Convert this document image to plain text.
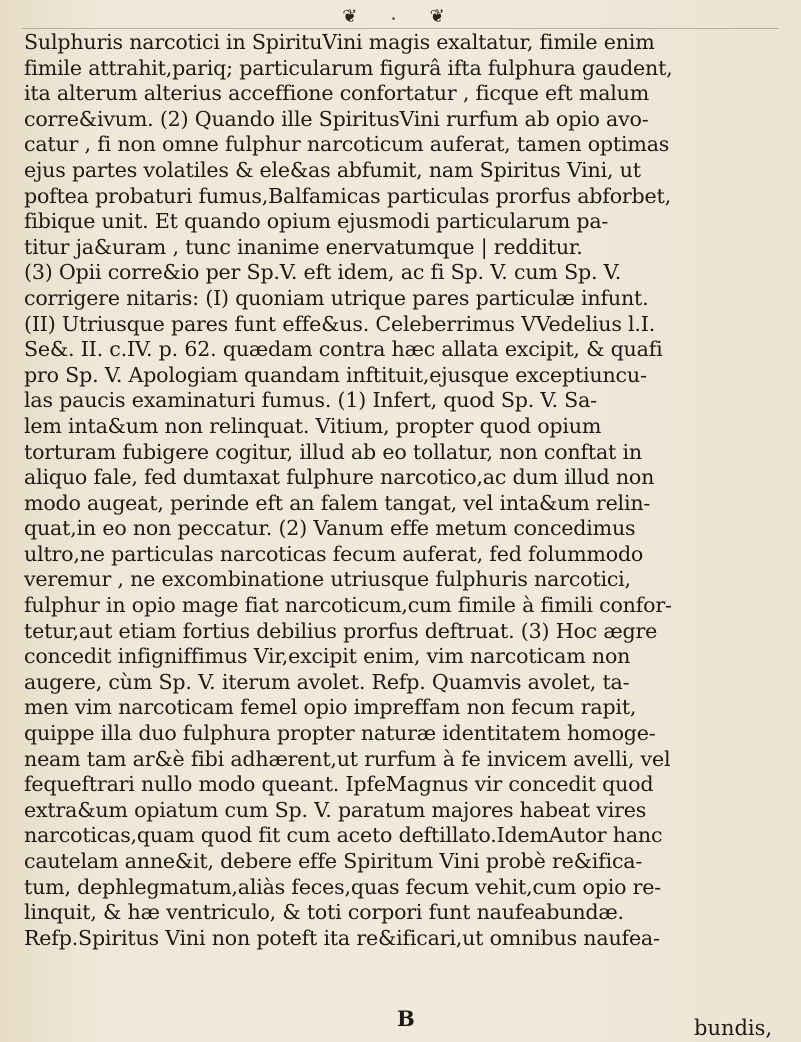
❦ ⸳ ❦
Sulphuris narcotici in SpirituVini magis exaltatur, fimile enim
fimile attrahit,pariq; particularum figurâ ifta fulphura gaudent,
ita alterum alterius acceffione confortatur , ficque eft malum
corre&ivum. (2) Quando ille SpiritusVini rurfum ab opio avo-
catur , fi non omne fulphur narcoticum auferat, tamen optimas
ejus partes volatiles & ele&as abfumit, nam Spiritus Vini, ut
poftea probaturi fumus,Balfamicas particulas prorfus abforbet,
fibique unit. Et quando opium ejusmodi particularum pa-
titur ja&uram , tunc inanime enervatumque | redditur.
(3) Opii corre&io per Sp.V. eft idem, ac fi Sp. V. cum Sp. V.
corrigere nitaris: (I) quoniam utrique pares particulæ infunt.
(II) Utriusque pares funt effe&us. Celeberrimus VVedelius l.I.
Se&. II. c.IV. p. 62. quædam contra hæc allata excipit, & quafi
pro Sp. V. Apologiam quandam inftituit,ejusque exceptiuncu-
las paucis examinaturi fumus. (1) Infert, quod Sp. V. Sa-
lem inta&um non relinquat. Vitium, propter quod opium
torturam fubigere cogitur, illud ab eo tollatur, non conftat in
aliquo fale, fed dumtaxat fulphure narcotico,ac dum illud non
modo augeat, perinde eft an falem tangat, vel inta&um relin-
quat,in eo non peccatur. (2) Vanum effe metum concedimus
ultro,ne particulas narcoticas fecum auferat, fed folummodo
veremur , ne excombinatione utriusque fulphuris narcotici,
fulphur in opio mage fiat narcoticum,cum fimile à fimili confor-
tetur,aut etiam fortius debilius prorfus deftruat. (3) Hoc ægre
concedit infigniffimus Vir,excipit enim, vim narcoticam non
augere, cùm Sp. V. iterum avolet. Refp. Quamvis avolet, ta-
men vim narcoticam femel opio impreffam non fecum rapit,
quippe illa duo fulphura propter naturæ identitatem homoge-
neam tam ar&è fibi adhærent,ut rurfum à fe invicem avelli, vel
fequeftrari nullo modo queant. IpfeMagnus vir concedit quod
extra&um opiatum cum Sp. V. paratum majores habeat vires
narcoticas,quam quod fit cum aceto deftillato.IdemAutor hanc
cautelam anne&it, debere effe Spiritum Vini probè re&ifica-
tum, dephlegmatum,aliàs feces,quas fecum vehit,cum opio re-
linquit, & hæ ventriculo, & toti corpori funt naufeabundæ.
Refp.Spiritus Vini non poteft ita re&ificari,ut omnibus naufea-
B	bundis,
